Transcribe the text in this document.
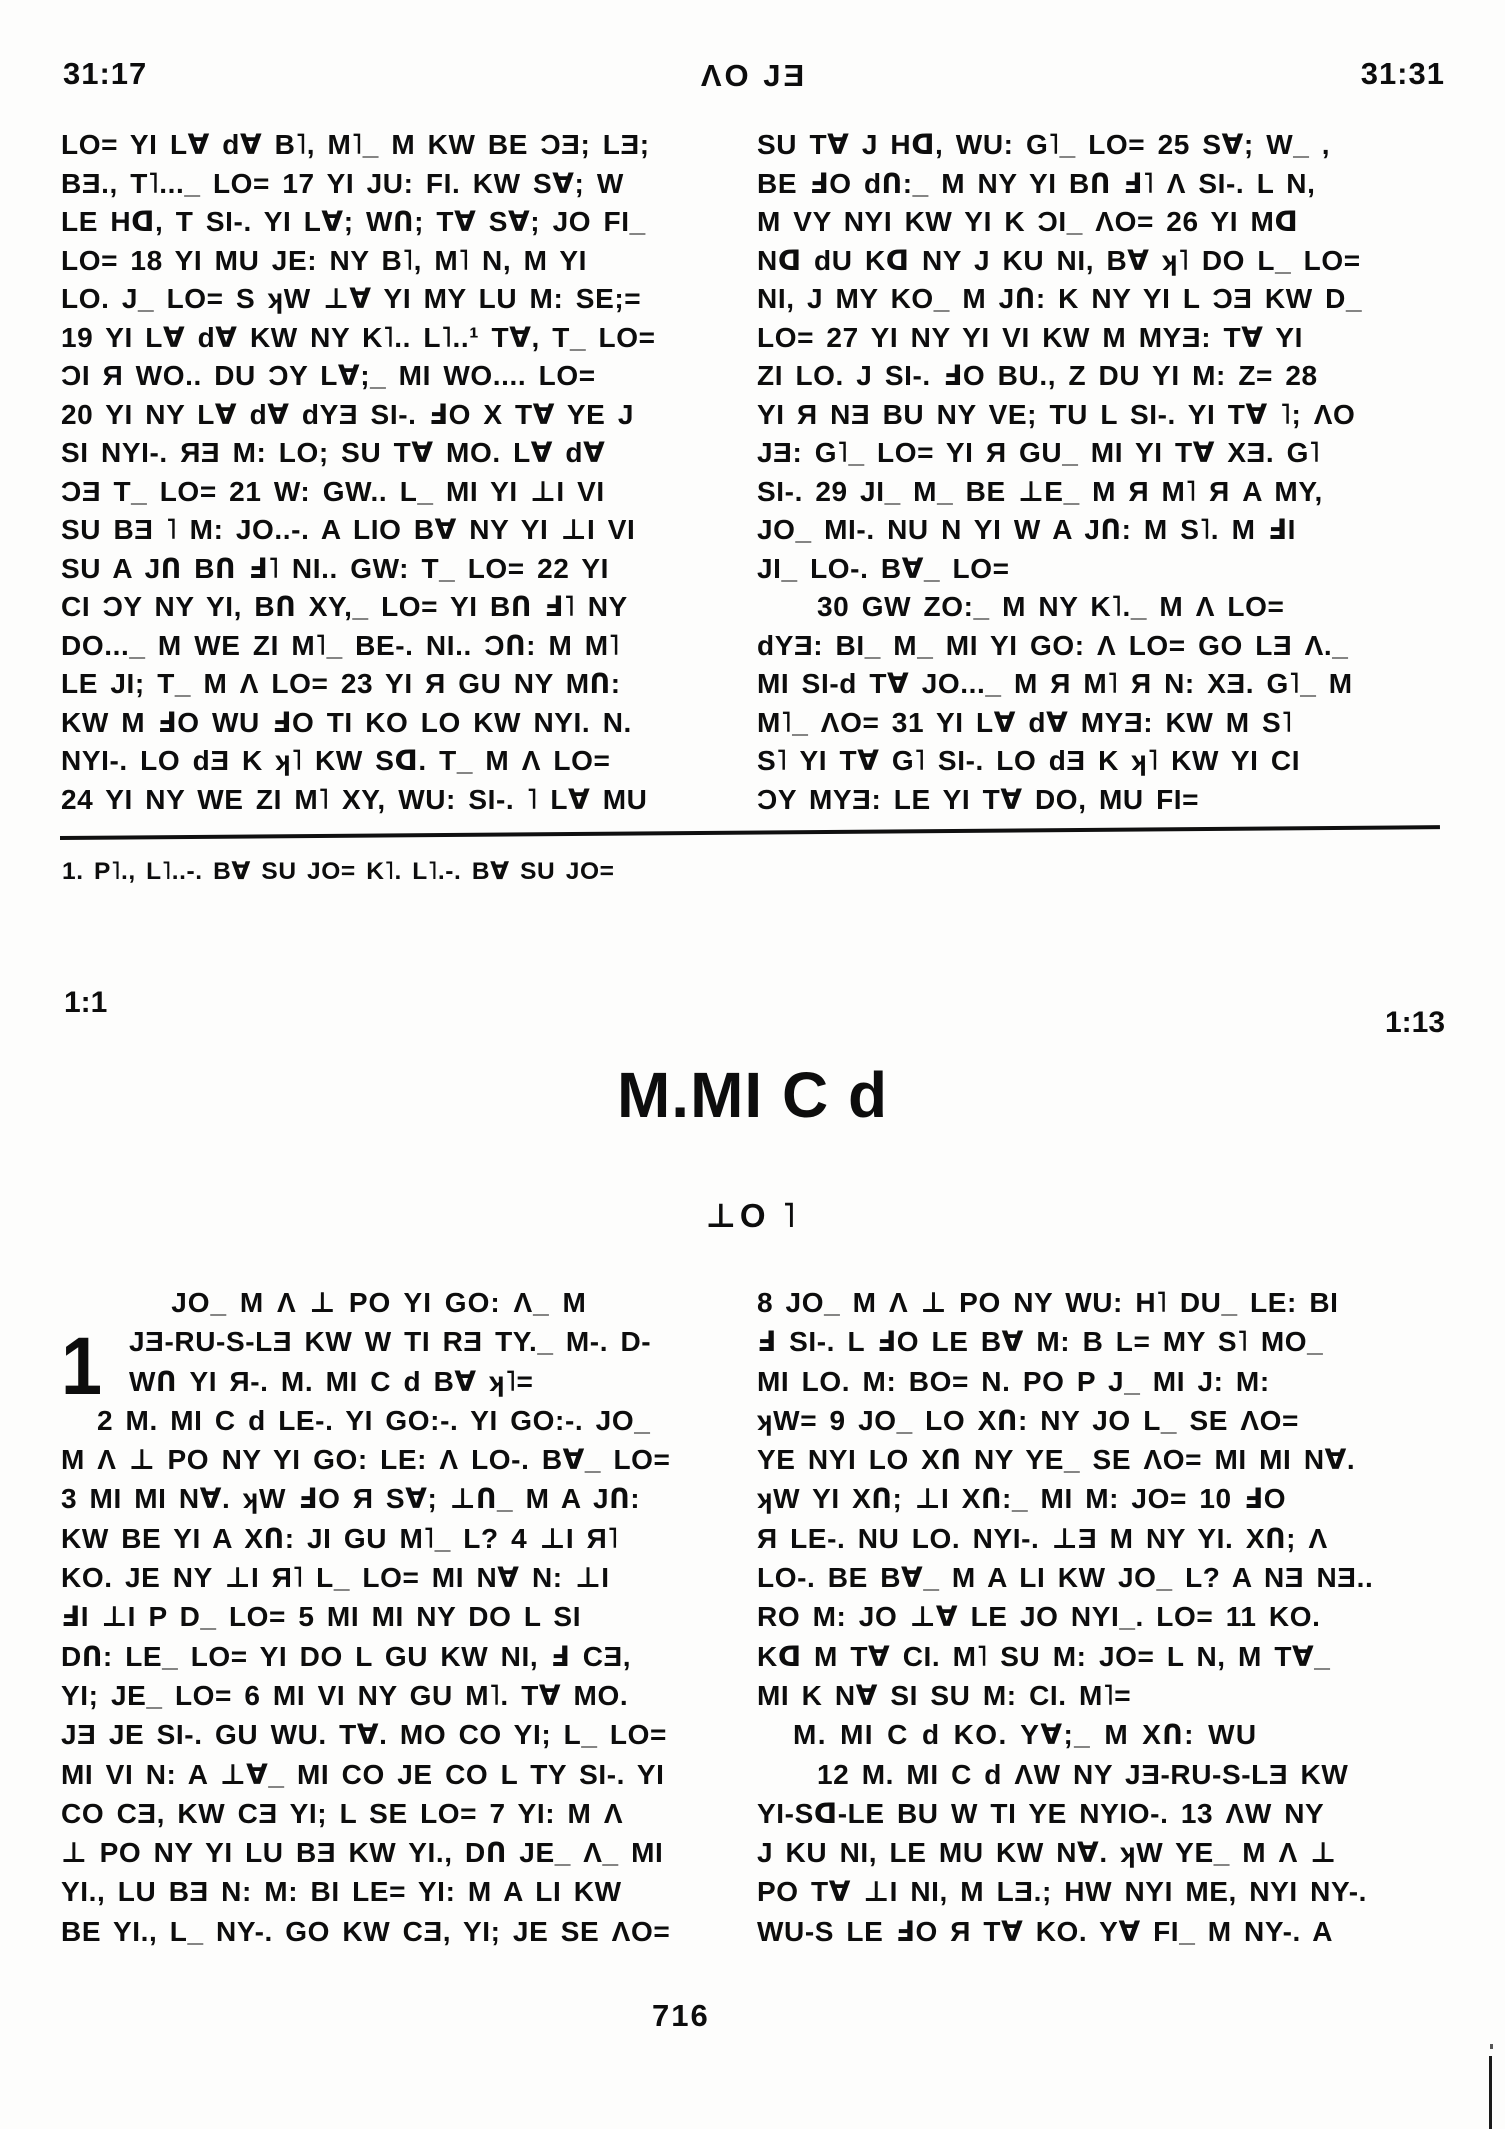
31:17	ΛO JƎ	31:31
LO= YI L∀ d∀ B˥, M˥_ M KW BE ƆƎ; LƎ;
BƎ., T˥..._ LO= 17 YI JU: FI. KW S∀; W
LE Hᗡ, T SI-. YI L∀; WՈ; T∀ S∀; JO FI_
LO= 18 YI MU JE: NY B˥, M˥ N, M YI
LO. J_ LO= S ʞW ⊥∀ YI MY LU M: SE;=
19 YI L∀ d∀ KW NY K˥.. L˥..¹ T∀, T_ LO=
ƆI Я WO.. DU ƆY L∀;_ MI WO.... LO=
20 YI NY L∀ d∀ dYƎ SI-. ℲO X T∀ YE J
SI NYI-. ЯƎ M: LO; SU T∀ MO. L∀ d∀
ƆƎ T_ LO= 21 W: GW.. L_ MI YI ⊥I VI
SU BƎ ˥ M: JO..-. A LIO B∀ NY YI ⊥I VI
SU A JՈ BՈ Ⅎ˥ NI.. GW: T_ LO= 22 YI
CI ƆY NY YI, BՈ XY,_ LO= YI BՈ Ⅎ˥ NY
DO..._ M WE ZI M˥_ BE-. NI.. ƆՈ: M M˥
LE JI; T_ M Λ LO= 23 YI Я GU NY MՈ:
KW M ℲO WU ℲO TI KO LO KW NYI. N.
NYI-. LO dƎ K ʞ˥ KW Sᗡ. T_ M Λ LO=
24 YI NY WE ZI M˥ XY, WU: SI-. ˥ L∀ MU
SU T∀ J Hᗡ, WU: G˥_ LO= 25 S∀; W_ ,
BE ℲO dՈ:_ M NY YI BՈ Ⅎ˥ Λ SI-. L N,
M VY NYI KW YI K ƆI_ ΛO= 26 YI Mᗡ
Nᗡ dU Kᗡ NY J KU NI, B∀ ʞ˥ DO L_ LO=
NI, J MY KO_ M JՈ: K NY YI L ƆƎ KW D_
LO= 27 YI NY YI VI KW M MYƎ: T∀ YI
ZI LO. J SI-. ℲO BU., Z DU YI M: Z= 28
YI Я NƎ BU NY VE; TU L SI-. YI T∀ ˥; ΛO
JƎ: G˥_ LO= YI Я GU_ MI YI T∀ XƎ. G˥
SI-. 29 JI_ M_ BE ⊥E_ M Я M˥ Я A MY,
JO_ MI-. NU N YI W A JՈ: M S˥. M ℲI
JI_ LO-. B∀_ LO=
30 GW ZO:_ M NY K˥._ M Λ LO=
dYƎ: BI_ M_ MI YI GO: Λ LO= GO LƎ Λ._
MI SI-d T∀ JO..._ M Я M˥ Я N: XƎ. G˥_ M
M˥_ ΛO= 31 YI L∀ d∀ MYƎ: KW M S˥
S˥ YI T∀ G˥ SI-. LO dƎ K ʞ˥ KW YI CI
ƆY MYƎ: LE YI T∀ DO, MU FI=
1. P˥., L˥..-. B∀ SU JO= K˥. L˥.-. B∀ SU JO=
1:1
1:13
M.MI C d
⊥O ˥
JO_ M Λ ⊥ PO YI GO: Λ_ M
1 JƎ-RU-S-LƎ KW W TI RƎ TY._ M-. D-
WՈ YI Я-. M. MI C d B∀ ʞ˥=
2 M. MI C d LE-. YI GO:-. YI GO:-. JO_
M Λ ⊥ PO NY YI GO: LE: Λ LO-. B∀_ LO=
3 MI MI N∀. ʞW ℲO Я S∀; ⊥Ո_ M A JՈ:
KW BE YI A XՈ: JI GU M˥_ L? 4 ⊥I Я˥
KO. JE NY ⊥I Я˥ L_ LO= MI N∀ N: ⊥I
ℲI ⊥I P D_ LO= 5 MI MI NY DO L SI
DՈ: LE_ LO= YI DO L GU KW NI, Ⅎ CƎ,
YI; JE_ LO= 6 MI VI NY GU M˥. T∀ MO.
JƎ JE SI-. GU WU. T∀. MO CO YI; L_ LO=
MI VI N: A ⊥∀_ MI CO JE CO L TY SI-. YI
CO CƎ, KW CƎ YI; L SE LO= 7 YI: M Λ
⊥ PO NY YI LU BƎ KW YI., DՈ JE_ Λ_ MI
YI., LU BƎ N: M: BI LE= YI: M A LI KW
BE YI., L_ NY-. GO KW CƎ, YI; JE SE ΛO=
8 JO_ M Λ ⊥ PO NY WU: H˥ DU_ LE: BI
Ⅎ SI-. L ℲO LE B∀ M: B L= MY S˥ MO_
MI LO. M: BO= N. PO P J_ MI J: M:
ʞW= 9 JO_ LO XՈ: NY JO L_ SE ΛO=
YE NYI LO XՈ NY YE_ SE ΛO= MI MI N∀.
ʞW YI XՈ; ⊥I XՈ:_ MI M: JO= 10 ℲO
Я LE-. NU LO. NYI-. ⊥Ǝ M NY YI. XՈ; Λ
LO-. BE B∀_ M A LI KW JO_ L? A NƎ NƎ..
RO M: JO ⊥∀ LE JO NYI_. LO= 11 KO.
Kᗡ M T∀ CI. M˥ SU M: JO= L N, M T∀_
MI K N∀ SI SU M: CI. M˥=
M. MI C d KO. Y∀;_ M XՈ: WU
12 M. MI C d ΛW NY JƎ-RU-S-LƎ KW
YI-Sᗡ-LE BU W TI YE NYIO-. 13 ΛW NY
J KU NI, LE MU KW N∀. ʞW YE_ M Λ ⊥
PO T∀ ⊥I NI, M LƎ.; HW NYI ME, NYI NY-.
WU-S LE ℲO Я T∀ KO. Y∀ FI_ M NY-. A
716
